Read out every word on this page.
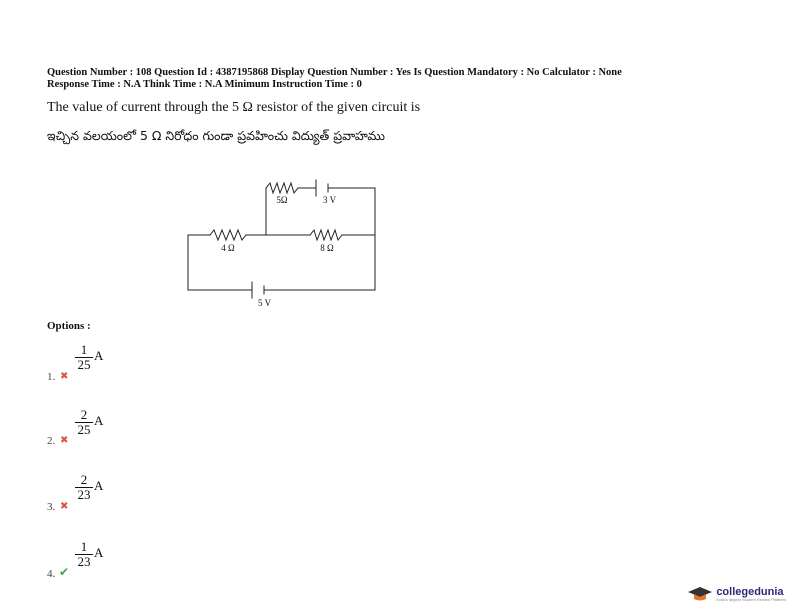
Question Number : 108 Question Id : 4387195868 Display Question Number : Yes Is Question Mandatory : No Calculator : None
Response Time : N.A Think Time : N.A Minimum Instruction Time : 0
The value of current through the 5 Ω resistor of the given circuit is
ఇచ్చిన వలయంలో 5 Ω నిరోధం గుండా ప్రవహించు విద్యుత్ ప్రవాహము
5Ω	3 V
4 Ω	8 Ω
5 V
Options :
1
25
A
1. ✖
2
25
A
2. ✖
2
23
A
3. ✖
1
23
A
4. ✔
collegedunia
India's largest Student Review Platform
